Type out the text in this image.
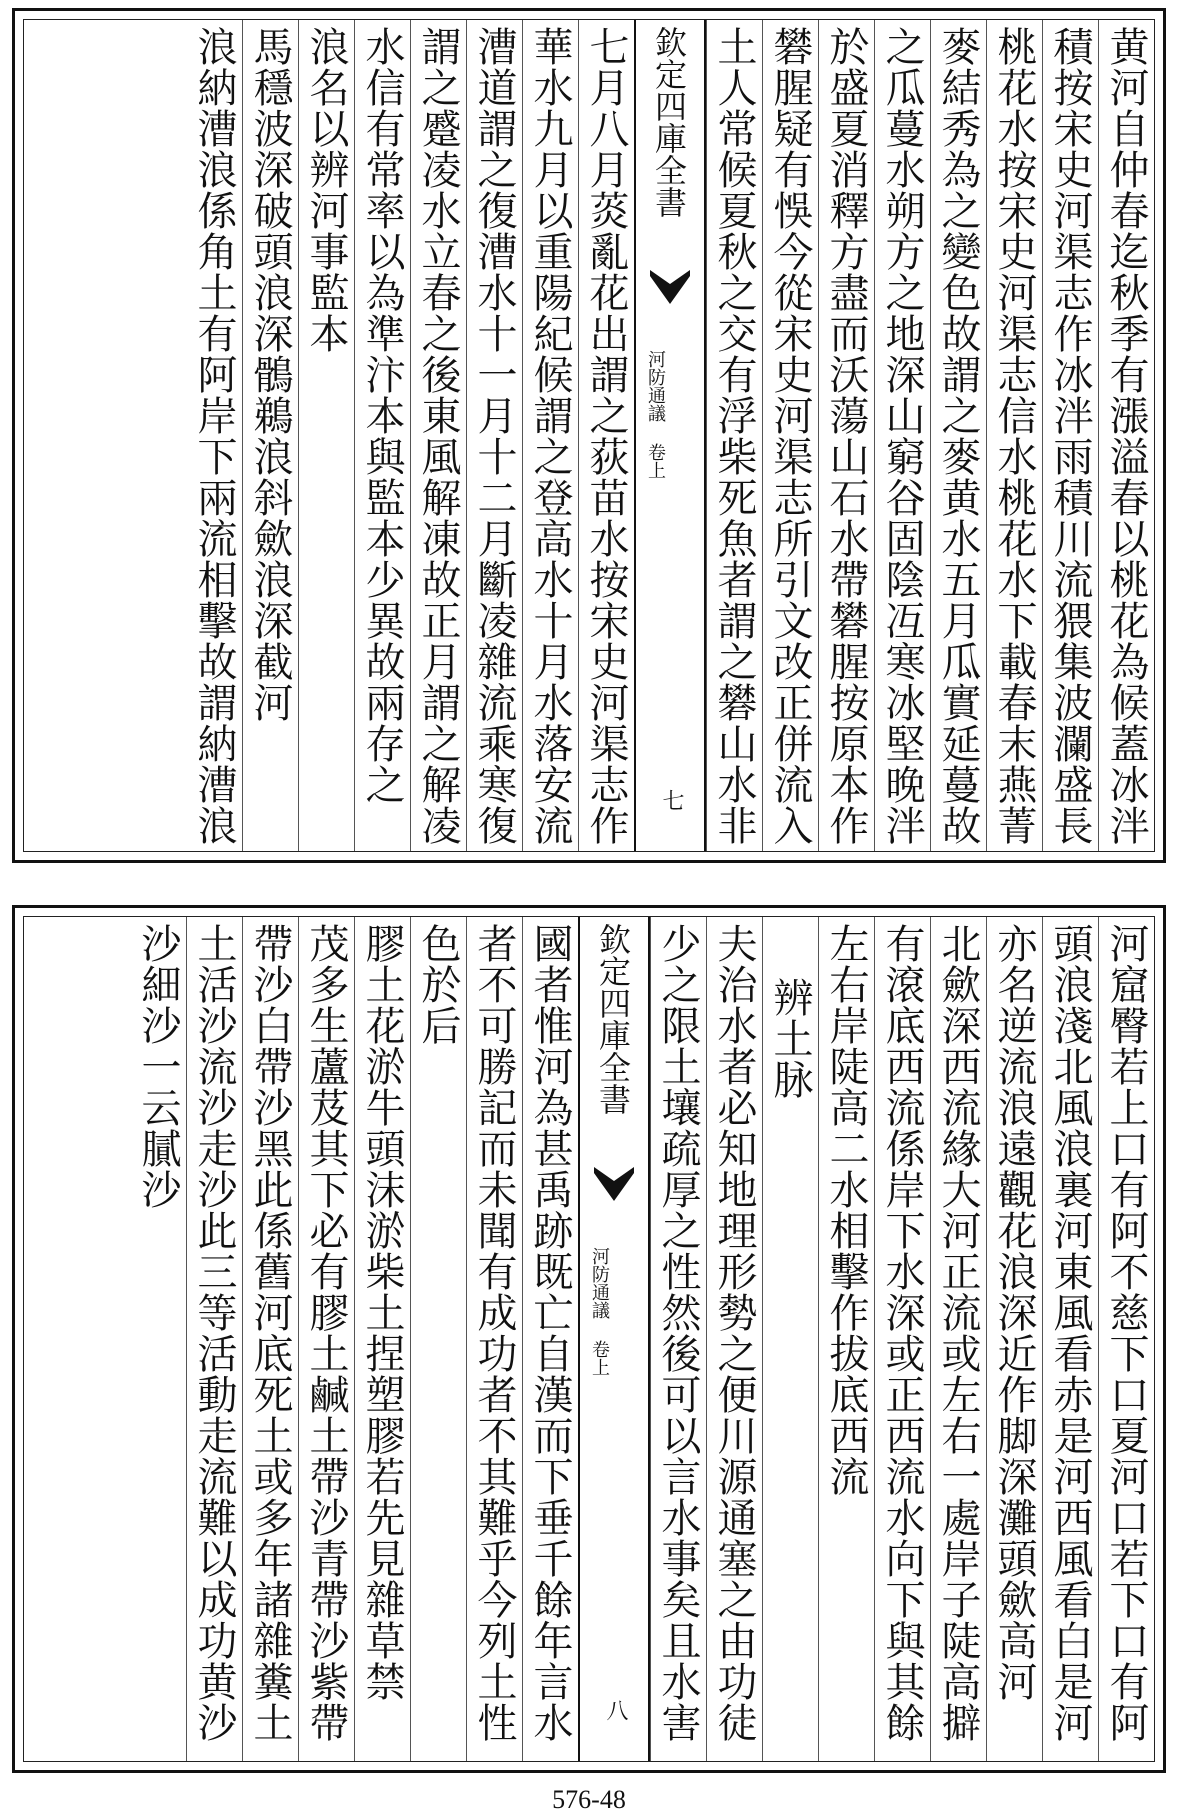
黄河自仲春迄秋季有漲溢春以桃花為候蓋冰泮
積按宋史河渠志作冰泮雨積川流猥集波瀾盛長
桃花水按宋史河渠志信水桃花水下載春末燕菁
麥結秀為之變色故謂之麥黄水五月瓜實延蔓故
之瓜蔓水朔方之地深山窮谷固陰冱寒冰堅晚泮
於盛夏消釋方盡而沃蕩山石水帶礬腥按原本作
礬腥疑有悞今從宋史河渠志所引文改正併流入
土人常候夏秋之交有浮柴死魚者謂之礬山水非
欽定四庫全書
河防通議 卷上
七
七月八月菼亂花出謂之荻苗水按宋史河渠志作
華水九月以重陽紀候謂之登高水十月水落安流
漕道謂之復漕水十一月十二月斷凌雜流乘寒復
謂之蹙凌水立春之後東風解凍故正月謂之解凌
水信有常率以為準汴本與監本少異故兩存之
浪名以辨河事監本
馬穩波深破頭浪深鶻鵜浪斜歛浪深截河
浪納漕浪係角土有阿岸下兩流相擊故謂納漕浪
河窟臀若上口有阿不慈下口夏河口若下口有阿
頭浪淺北風浪裏河東風看赤是河西風看白是河
亦名逆流浪遠觀花浪深近作脚深灘頭歛高河
北歛深西流緣大河正流或左右一處岸子陡高擗
有滾底西流係岸下水深或正西流水向下與其餘
左右岸陡高二水相擊作拔底西流
辨土脉
夫治水者必知地理形勢之便川源通塞之由功徒
少之限土壤疏厚之性然後可以言水事矣且水害
欽定四庫全書
河防通議 卷上
八
國者惟河為甚禹跡既亡自漢而下垂千餘年言水
者不可勝記而未聞有成功者不其難乎今列土性
色於后
膠土花淤牛頭沫淤柴土捏塑膠若先見雜草禁
茂多生蘆芨其下必有膠土鹹土帶沙青帶沙紫帶
帶沙白帶沙黑此係舊河底死土或多年諸雜糞土
土活沙流沙走沙此三等活動走流難以成功黄沙
沙細沙一云膩沙
576-48
